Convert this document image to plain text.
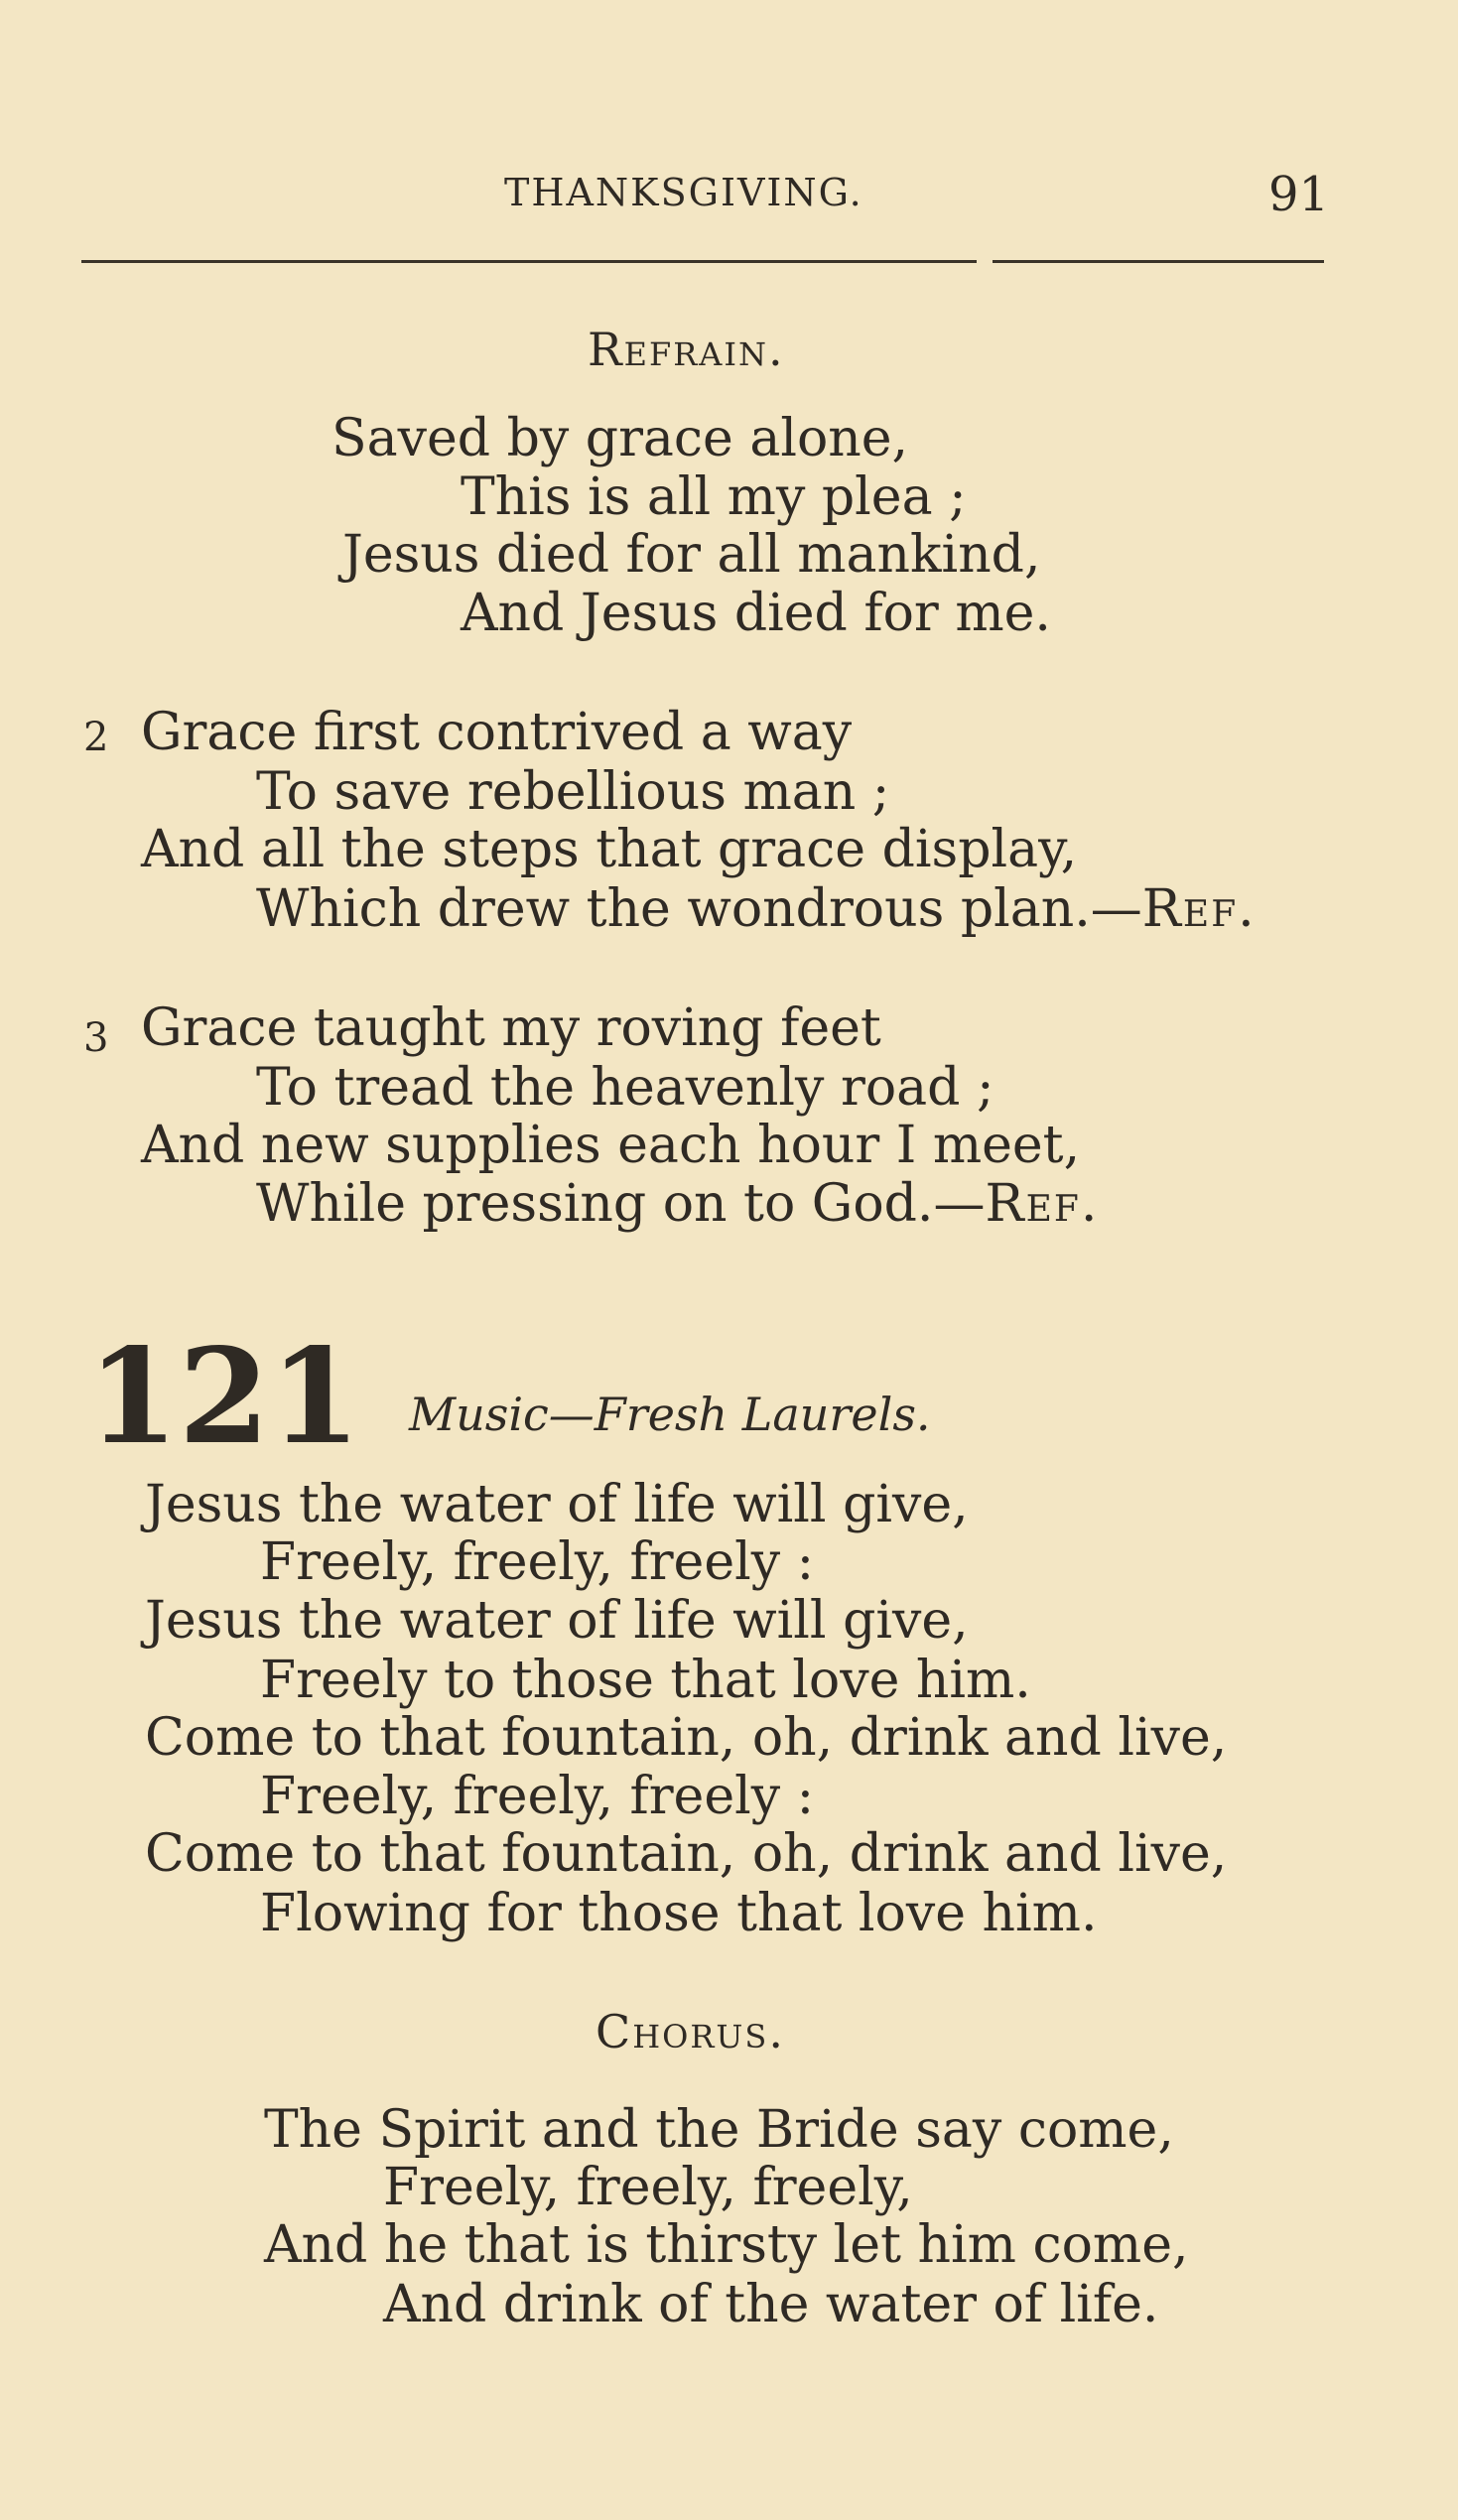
THANKSGIVING.	91
Refrain.
Saved by grace alone,
This is all my plea ;
Jesus died for all mankind,
And Jesus died for me.
2 Grace first contrived a way
To save rebellious man ;
And all the steps that grace display,
Which drew the wondrous plan.—Ref.
3 Grace taught my roving feet
To tread the heavenly road ;
And new supplies each hour I meet,
While pressing on to God.—Ref.
121 Music—Fresh Laurels.
Jesus the water of life will give,
Freely, freely, freely :
Jesus the water of life will give,
Freely to those that love him.
Come to that fountain, oh, drink and live,
Freely, freely, freely :
Come to that fountain, oh, drink and live,
Flowing for those that love him.
Chorus.
The Spirit and the Bride say come,
Freely, freely, freely,
And he that is thirsty let him come,
And drink of the water of life.
